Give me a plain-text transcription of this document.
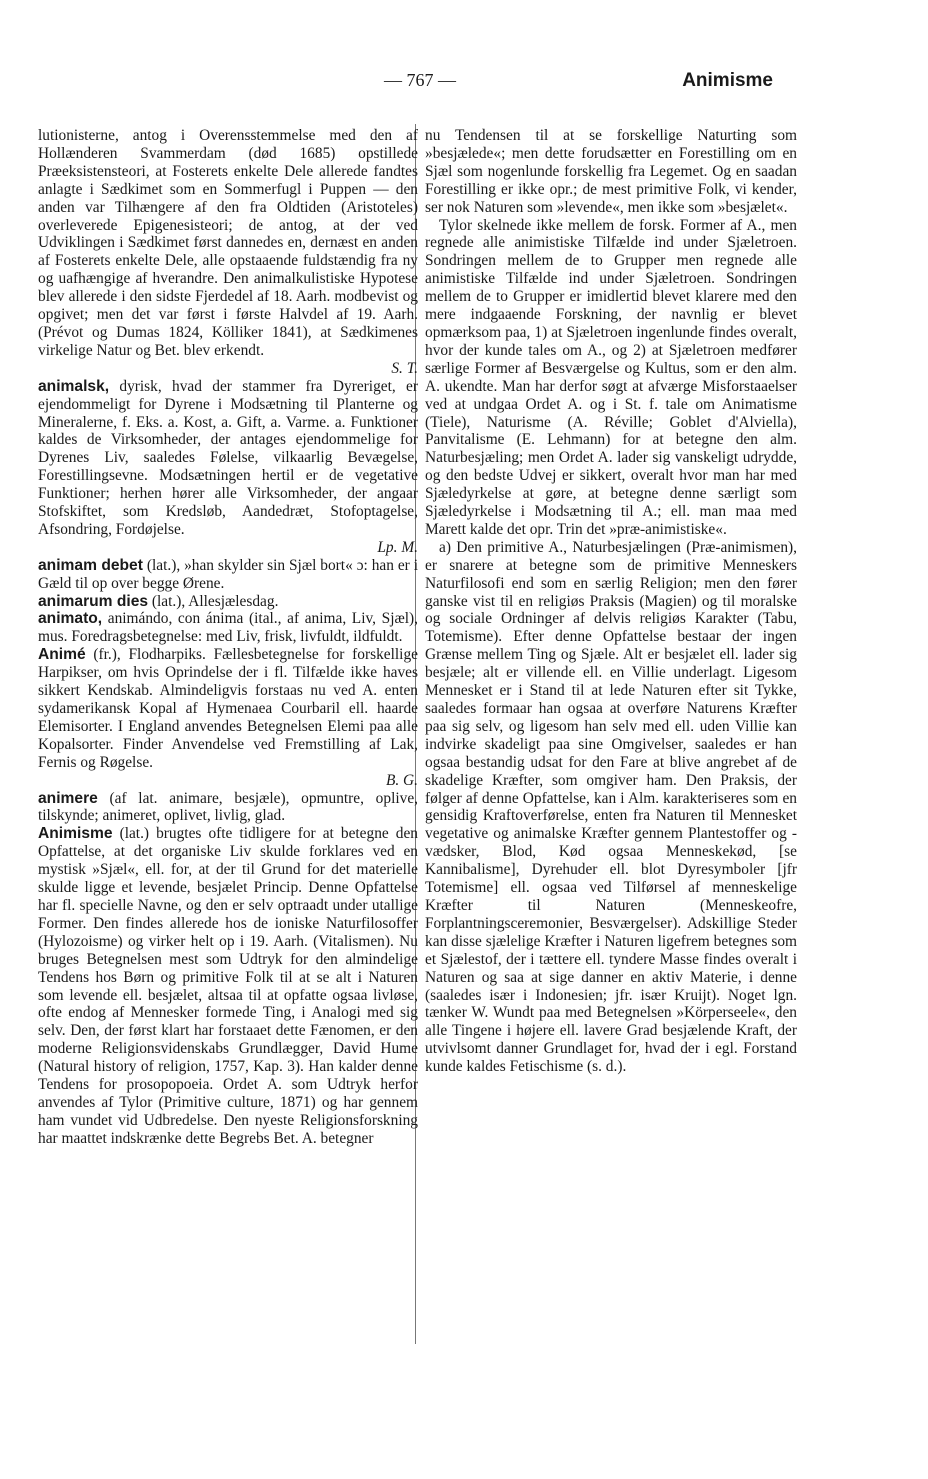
— 767 —	Animisme

lutionisterne, antog i Overensstemmelse med den af Hollænderen Svammerdam (død 1685) opstillede Præeksistensteori, at Fosterets enkelte Dele allerede fandtes anlagte i Sædkimet som en Sommerfugl i Puppen — den anden var Tilhængere af den fra Oldtiden (Aristoteles) overleverede Epigenesisteori; de antog, at der ved Udviklingen i Sædkimet først dannedes en, dernæst en anden af Fosterets enkelte Dele, alle opstaaende fuldstændig fra ny og uafhængige af hverandre. Den animalkulistiske Hypotese blev allerede i den sidste Fjerdedel af 18. Aarh. modbevist og opgivet; men det var først i første Halvdel af 19. Aarh. (Prévot og Dumas 1824, Kölliker 1841), at Sædkimenes virkelige Natur og Bet. blev erkendt.

S. T.

animalsk, dyrisk, hvad der stammer fra Dyreriget, er ejendommeligt for Dyrene i Modsætning til Planterne og Mineralerne, f. Eks. a. Kost, a. Gift, a. Varme. a. Funktioner kaldes de Virksomheder, der antages ejendommelige for Dyrenes Liv, saaledes Følelse, vilkaarlig Bevægelse, Forestillingsevne. Modsætningen hertil er de vegetative Funktioner; herhen hører alle Virksomheder, der angaar Stofskiftet, som Kredsløb, Aandedræt, Stofoptagelse, Afsondring, Fordøjelse.

Lp. M.

animam debet (lat.), »han skylder sin Sjæl bort« ɔ: han er i Gæld til op over begge Ørene.

animarum dies (lat.), Allesjælesdag.

animato, animándo, con ánima (ital., af anima, Liv, Sjæl), mus. Foredragsbetegnelse: med Liv, frisk, livfuldt, ildfuldt.

Animé (fr.), Flodharpiks. Fællesbetegnelse for forskellige Harpikser, om hvis Oprindelse der i fl. Tilfælde ikke haves sikkert Kendskab. Almindeligvis forstaas nu ved A. enten sydamerikansk Kopal af Hymenaea Courbaril ell. haarde Elemisorter. I England anvendes Betegnelsen Elemi paa alle Kopalsorter. Finder Anvendelse ved Fremstilling af Lak, Fernis og Røgelse.

B. G.

animere (af lat. animare, besjæle), opmuntre, oplive, tilskynde; animeret, oplivet, livlig, glad.

Animisme (lat.) brugtes ofte tidligere for at betegne den Opfattelse, at det organiske Liv skulde forklares ved en mystisk »Sjæl«, ell. for, at der til Grund for det materielle skulde ligge et levende, besjælet Princip. Denne Opfattelse har fl. specielle Navne, og den er selv optraadt under utallige Former. Den findes allerede hos de ioniske Naturfilosoffer (Hylozoisme) og virker helt op i 19. Aarh. (Vitalismen). Nu bruges Betegnelsen mest som Udtryk for den almindelige Tendens hos Børn og primitive Folk til at se alt i Naturen som levende ell. besjælet, altsaa til at opfatte ogsaa livløse, ofte endog af Mennesker formede Ting, i Analogi med sig selv. Den, der først klart har forstaaet dette Fænomen, er den moderne Religionsvidenskabs Grundlægger, David Hume (Natural history of religion, 1757, Kap. 3). Han kalder denne Tendens for prosopopoeia. Ordet A. som Udtryk herfor anvendes af Tylor (Primitive culture, 1871) og har gennem ham vundet vid Udbredelse. Den nyeste Religionsforskning har maattet indskrænke dette Begrebs Bet. A. betegner

nu Tendensen til at se forskellige Naturting som »besjælede«; men dette forudsætter en Forestilling om en Sjæl som nogenlunde forskellig fra Legemet. Og en saadan Forestilling er ikke opr.; de mest primitive Folk, vi kender, ser nok Naturen som »levende«, men ikke som »besjælet«.

Tylor skelnede ikke mellem de forsk. Former af A., men regnede alle animistiske Tilfælde ind under Sjæletroen. Sondringen mellem de to Grupper men regnede alle animistiske Tilfælde ind under Sjæletroen. Sondringen mellem de to Grupper er imidlertid blevet klarere med den mere indgaaende Forskning, der navnlig er blevet opmærksom paa, 1) at Sjæletroen ingenlunde findes overalt, hvor der kunde tales om A., og 2) at Sjæletroen medfører særlige Former af Besværgelse og Kultus, som er den alm. A. ukendte. Man har derfor søgt at afværge Misforstaaelser ved at undgaa Ordet A. og i St. f. tale om Animatisme (Tiele), Naturisme (A. Réville; Goblet d'Alviella), Panvitalisme (E. Lehmann) for at betegne den alm. Naturbesjæling; men Ordet A. lader sig vanskeligt udrydde, og den bedste Udvej er sikkert, overalt hvor man har med Sjæledyrkelse at gøre, at betegne denne særligt som Sjæledyrkelse i Modsætning til A.; ell. man maa med Marett kalde det opr. Trin det »præ-animistiske«.

a) Den primitive A., Naturbesjælingen (Præ-animismen), er snarere at betegne som de primitive Menneskers Naturfilosofi end som en særlig Religion; men den fører ganske vist til en religiøs Praksis (Magien) og til moralske og sociale Ordninger af delvis religiøs Karakter (Tabu, Totemisme). Efter denne Opfattelse bestaar der ingen Grænse mellem Ting og Sjæle. Alt er besjælet ell. lader sig besjæle; alt er villende ell. en Villie underlagt. Ligesom Mennesket er i Stand til at lede Naturen efter sit Tykke, saaledes formaar han ogsaa at overføre Naturens Kræfter paa sig selv, og ligesom han selv med ell. uden Villie kan indvirke skadeligt paa sine Omgivelser, saaledes er han ogsaa bestandig udsat for den Fare at blive angrebet af de skadelige Kræfter, som omgiver ham. Den Praksis, der følger af denne Opfattelse, kan i Alm. karakteriseres som en gensidig Kraftoverførelse, enten fra Naturen til Mennesket vegetative og animalske Kræfter gennem Plantestoffer og -vædsker, Blod, Kød ogsaa Menneskekød, [se Kannibalisme], Dyrehuder ell. blot Dyresymboler [jfr Totemisme] ell. ogsaa ved Tilførsel af menneskelige Kræfter til Naturen (Menneskeofre, Forplantningsceremonier, Besværgelser). Adskillige Steder kan disse sjælelige Kræfter i Naturen ligefrem betegnes som et Sjælestof, der i tættere ell. tyndere Masse findes overalt i Naturen og saa at sige danner en aktiv Materie, i denne (saaledes især i Indonesien; jfr. især Kruijt). Noget lgn. tænker W. Wundt paa med Betegnelsen »Körperseele«, den alle Tingene i højere ell. lavere Grad besjælende Kraft, der utvivlsomt danner Grundlaget for, hvad der i egl. Forstand kunde kaldes Fetischisme (s. d.).
